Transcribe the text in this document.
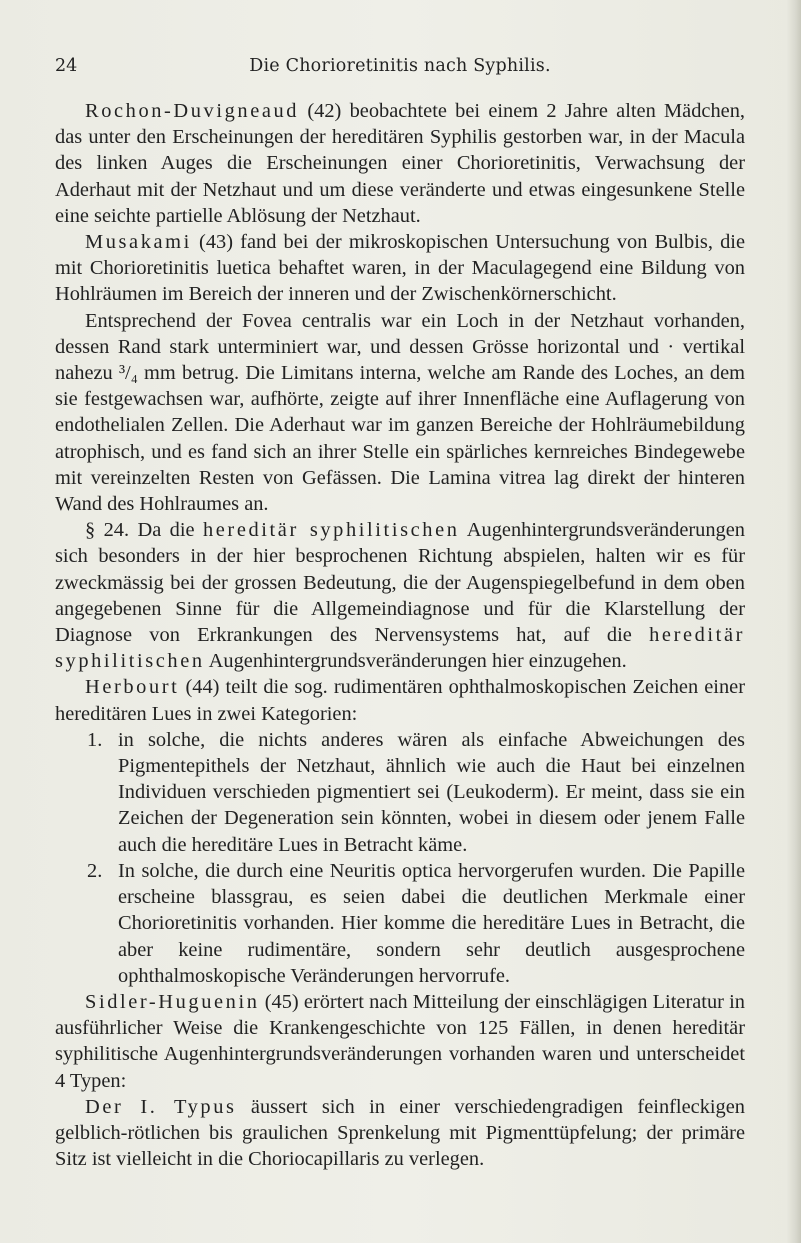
24	Die Chorioretinitis nach Syphilis.

Rochon-Duvigneaud (42) beobachtete bei einem 2 Jahre alten Mädchen, das unter den Erscheinungen der hereditären Syphilis gestorben war, in der Macula des linken Auges die Erscheinungen einer Chorioretinitis, Verwachsung der Aderhaut mit der Netzhaut und um diese veränderte und etwas eingesunkene Stelle eine seichte partielle Ablösung der Netzhaut.

Musakami (43) fand bei der mikroskopischen Untersuchung von Bulbis, die mit Chorioretinitis luetica behaftet waren, in der Maculagegend eine Bildung von Hohlräumen im Bereich der inneren und der Zwischenkörnerschicht.

Entsprechend der Fovea centralis war ein Loch in der Netzhaut vorhanden, dessen Rand stark unterminiert war, und dessen Grösse horizontal und · vertikal nahezu ³/₄ mm betrug. Die Limitans interna, welche am Rande des Loches, an dem sie festgewachsen war, aufhörte, zeigte auf ihrer Innenfläche eine Auflagerung von endothelialen Zellen. Die Aderhaut war im ganzen Bereiche der Hohlräumebildung atrophisch, und es fand sich an ihrer Stelle ein spärliches kernreiches Bindegewebe mit vereinzelten Resten von Gefässen. Die Lamina vitrea lag direkt der hinteren Wand des Hohlraumes an.

§ 24. Da die hereditär syphilitischen Augenhintergrundsveränderungen sich besonders in der hier besprochenen Richtung abspielen, halten wir es für zweckmässig bei der grossen Bedeutung, die der Augenspiegelbefund in dem oben angegebenen Sinne für die Allgemeindiagnose und für die Klarstellung der Diagnose von Erkrankungen des Nervensystems hat, auf die hereditär syphilitischen Augenhintergrundsveränderungen hier einzugehen.

Herbourt (44) teilt die sog. rudimentären ophthalmoskopischen Zeichen einer hereditären Lues in zwei Kategorien:

1. in solche, die nichts anderes wären als einfache Abweichungen des Pigmentepithels der Netzhaut, ähnlich wie auch die Haut bei einzelnen Individuen verschieden pigmentiert sei (Leukoderm). Er meint, dass sie ein Zeichen der Degeneration sein könnten, wobei in diesem oder jenem Falle auch die hereditäre Lues in Betracht käme.
2. In solche, die durch eine Neuritis optica hervorgerufen wurden. Die Papille erscheine blassgrau, es seien dabei die deutlichen Merkmale einer Chorioretinitis vorhanden. Hier komme die hereditäre Lues in Betracht, die aber keine rudimentäre, sondern sehr deutlich ausgesprochene ophthalmoskopische Veränderungen hervorrufe.

Sidler-Huguenin (45) erörtert nach Mitteilung der einschlägigen Literatur in ausführlicher Weise die Krankengeschichte von 125 Fällen, in denen hereditär syphilitische Augenhintergrundsveränderungen vorhanden waren und unterscheidet 4 Typen:

Der I. Typus äussert sich in einer verschiedengradigen feinfleckigen gelblich-rötlichen bis graulichen Sprenkelung mit Pigmenttüpfelung; der primäre Sitz ist vielleicht in die Choriocapillaris zu verlegen.
